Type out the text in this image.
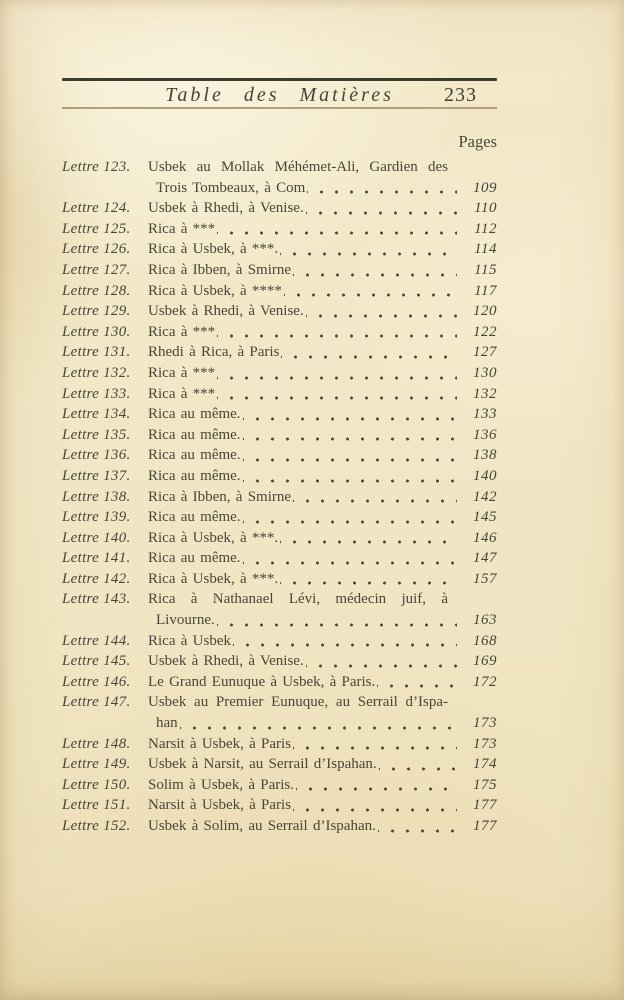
Table des Matières	233
Pages
Lettre 123.	Usbek au Mollak Méhémet-Ali, Gardien des
Trois Tombeaux, à Com	109
Lettre 124.	Usbek à Rhedi, à Venise.	110
Lettre 125.	Rica à ***	112
Lettre 126.	Rica à Usbek, à ***.	114
Lettre 127.	Rica à Ibben, à Smirne	115
Lettre 128.	Rica à Usbek, à ****	117
Lettre 129.	Usbek à Rhedi, à Venise.	120
Lettre 130.	Rica à ***	122
Lettre 131.	Rhedi à Rica, à Paris	127
Lettre 132.	Rica à ***	130
Lettre 133.	Rica à ***	132
Lettre 134.	Rica au même.	133
Lettre 135.	Rica au même.	136
Lettre 136.	Rica au même.	138
Lettre 137.	Rica au même.	140
Lettre 138.	Rica à Ibben, à Smirne	142
Lettre 139.	Rica au même.	145
Lettre 140.	Rica à Usbek, à ***.	146
Lettre 141.	Rica au même.	147
Lettre 142.	Rica à Usbek, à ***.	157
Lettre 143.	Rica à Nathanael Lévi, médecin juif, à
Livourne.	163
Lettre 144.	Rica à Usbek	168
Lettre 145.	Usbek à Rhedi, à Venise.	169
Lettre 146.	Le Grand Eunuque à Usbek, à Paris.	172
Lettre 147.	Usbek au Premier Eunuque, au Serrail d’Ispa-
han	173
Lettre 148.	Narsit à Usbek, à Paris	173
Lettre 149.	Usbek à Narsit, au Serrail d’Ispahan.	174
Lettre 150.	Solim à Usbek, à Paris.	175
Lettre 151.	Narsit à Usbek, à Paris	177
Lettre 152.	Usbek à Solim, au Serrail d’Ispahan.	177
